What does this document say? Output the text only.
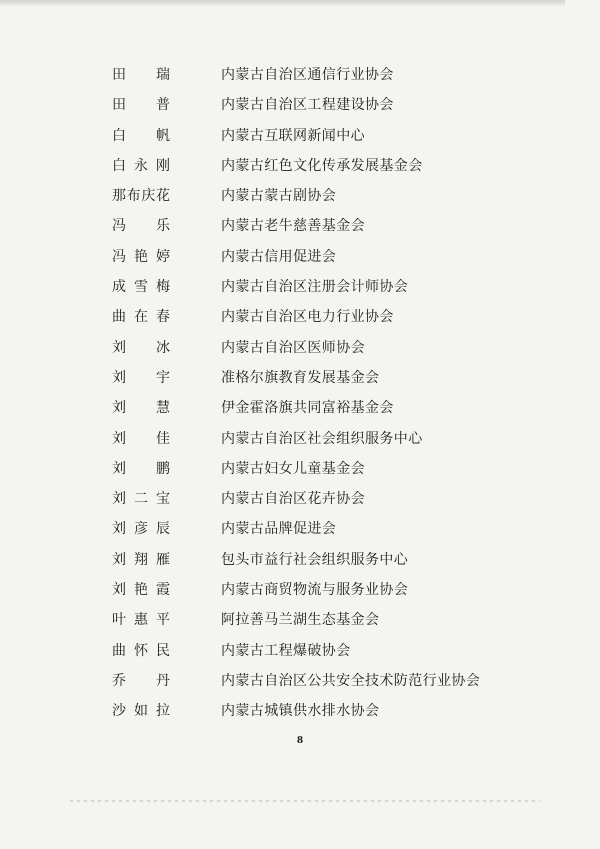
田 瑞	内蒙古自治区通信行业协会
田 普	内蒙古自治区工程建设协会
白 帆	内蒙古互联网新闻中心
白永刚	内蒙古红色文化传承发展基金会
那布庆花	内蒙古蒙古剧协会
冯 乐	内蒙古老牛慈善基金会
冯艳婷	内蒙古信用促进会
成雪梅	内蒙古自治区注册会计师协会
曲在春	内蒙古自治区电力行业协会
刘 冰	内蒙古自治区医师协会
刘 宇	准格尔旗教育发展基金会
刘 慧	伊金霍洛旗共同富裕基金会
刘 佳	内蒙古自治区社会组织服务中心
刘 鹏	内蒙古妇女儿童基金会
刘二宝	内蒙古自治区花卉协会
刘彦辰	内蒙古品牌促进会
刘翔雁	包头市益行社会组织服务中心
刘艳霞	内蒙古商贸物流与服务业协会
叶惠平	阿拉善马兰湖生态基金会
曲怀民	内蒙古工程爆破协会
乔 丹	内蒙古自治区公共安全技术防范行业协会
沙如拉	内蒙古城镇供水排水协会
8
